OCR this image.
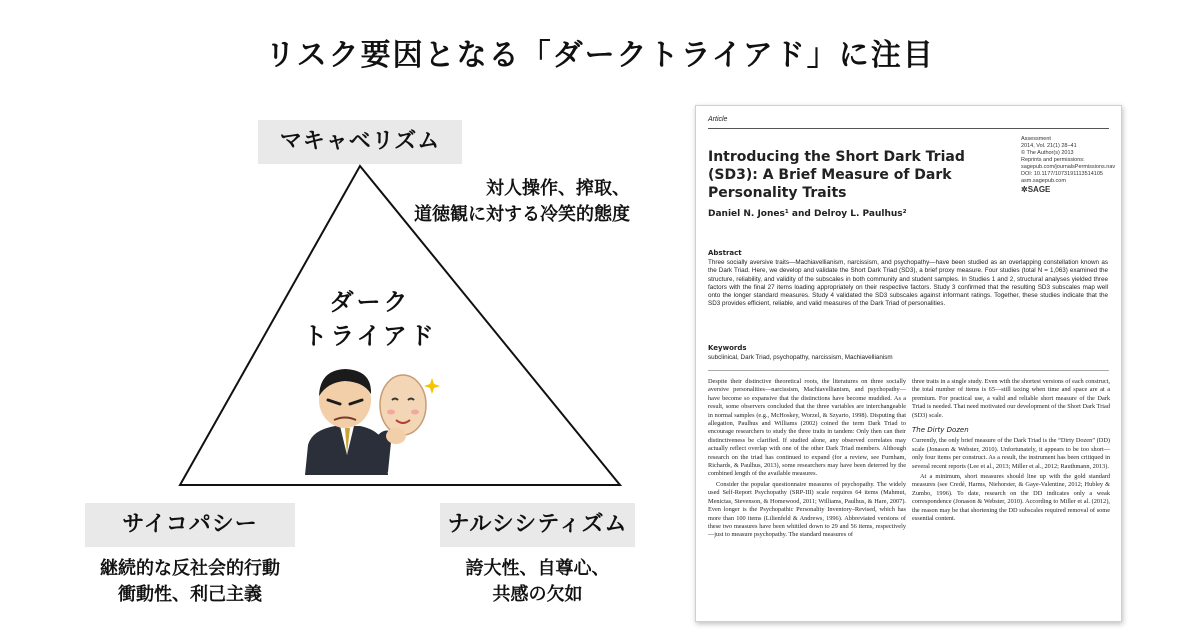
リスク要因となる「ダークトライアド」に注目
マキャベリズム
対人操作、搾取、
道徳観に対する冷笑的態度
ダーク
トライアド
サイコパシー
継続的な反社会的行動
衝動性、利己主義
ナルシシティズム
誇大性、自尊心、
共感の欠如
Article
Introducing the Short Dark Triad (SD3): A Brief Measure of Dark Personality Traits
Assessment
2014, Vol. 21(1) 28–41
© The Author(s) 2013
Reprints and permissions:
sagepub.com/journalsPermissions.nav
DOI: 10.1177/1073191113514105
asm.sagepub.com
✲SAGE
Daniel N. Jones¹ and Delroy L. Paulhus²
Abstract
Three socially aversive traits—Machiavellianism, narcissism, and psychopathy—have been studied as an overlapping constellation known as the Dark Triad. Here, we develop and validate the Short Dark Triad (SD3), a brief proxy measure. Four studies (total N = 1,063) examined the structure, reliability, and validity of the subscales in both community and student samples. In Studies 1 and 2, structural analyses yielded three factors with the final 27 items loading appropriately on their respective factors. Study 3 confirmed that the resulting SD3 subscales map well onto the longer standard measures. Study 4 validated the SD3 subscales against informant ratings. Together, these studies indicate that the SD3 provides efficient, reliable, and valid measures of the Dark Triad of personalities.
Keywords
subclinical, Dark Triad, psychopathy, narcissism, Machiavellianism

Despite their distinctive theoretical roots, the literatures on three socially aversive personalities—narcissism, Machiavellianism, and psychopathy—have become so expansive that the distinctions have become muddied. As a result, some observers concluded that the three variables are interchangeable in normal samples (e.g., McHoskey, Worzel, & Szyarto, 1998). Disputing that allegation, Paulhus and Williams (2002) coined the term Dark Triad to encourage researchers to study the three traits in tandem: Only then can their distinctiveness be clarified. If studied alone, any observed correlates may actually reflect overlap with one of the other Dark Triad members. Although research on the triad has continued to expand (for a review, see Furnham, Richards, & Paulhus, 2013), some researchers may have been deterred by the combined length of the available measures.

Consider the popular questionnaire measures of psychopathy. The widely used Self-Report Psychopathy (SRP-III) scale requires 64 items (Mahmut, Menictas, Stevenson, & Homewood, 2011; Williams, Paulhus, & Hare, 2007). Even longer is the Psychopathic Personality Inventory–Revised, which has more than 100 items (Lilienfeld & Andrews, 1996). Abbreviated versions of these two measures have been whittled down to 29 and 56 items, respectively—just to measure psychopathy. The standard measures of

three traits in a single study. Even with the shortest versions of each construct, the total number of items is 65—still taxing when time and space are at a premium. For practical use, a valid and reliable short measure of the Dark Triad is needed. That need motivated our development of the Short Dark Triad (SD3) scale.

The Dirty Dozen

Currently, the only brief measure of the Dark Triad is the “Dirty Dozen” (DD) scale (Jonason & Webster, 2010). Unfortunately, it appears to be too short—only four items per construct. As a result, the instrument has been critiqued in several recent reports (Lee et al., 2013; Miller et al., 2012; Rauthmann, 2013).

At a minimum, short measures should line up with the gold standard measures (see Credé, Harms, Niehorster, & Gaye-Valentine, 2012; Hubley & Zumbo, 1996). To date, research on the DD indicates only a weak correspondence (Jonason & Webster, 2010). According to Miller et al. (2012), the reason may be that shortening the DD subscales required removal of some essential content.
